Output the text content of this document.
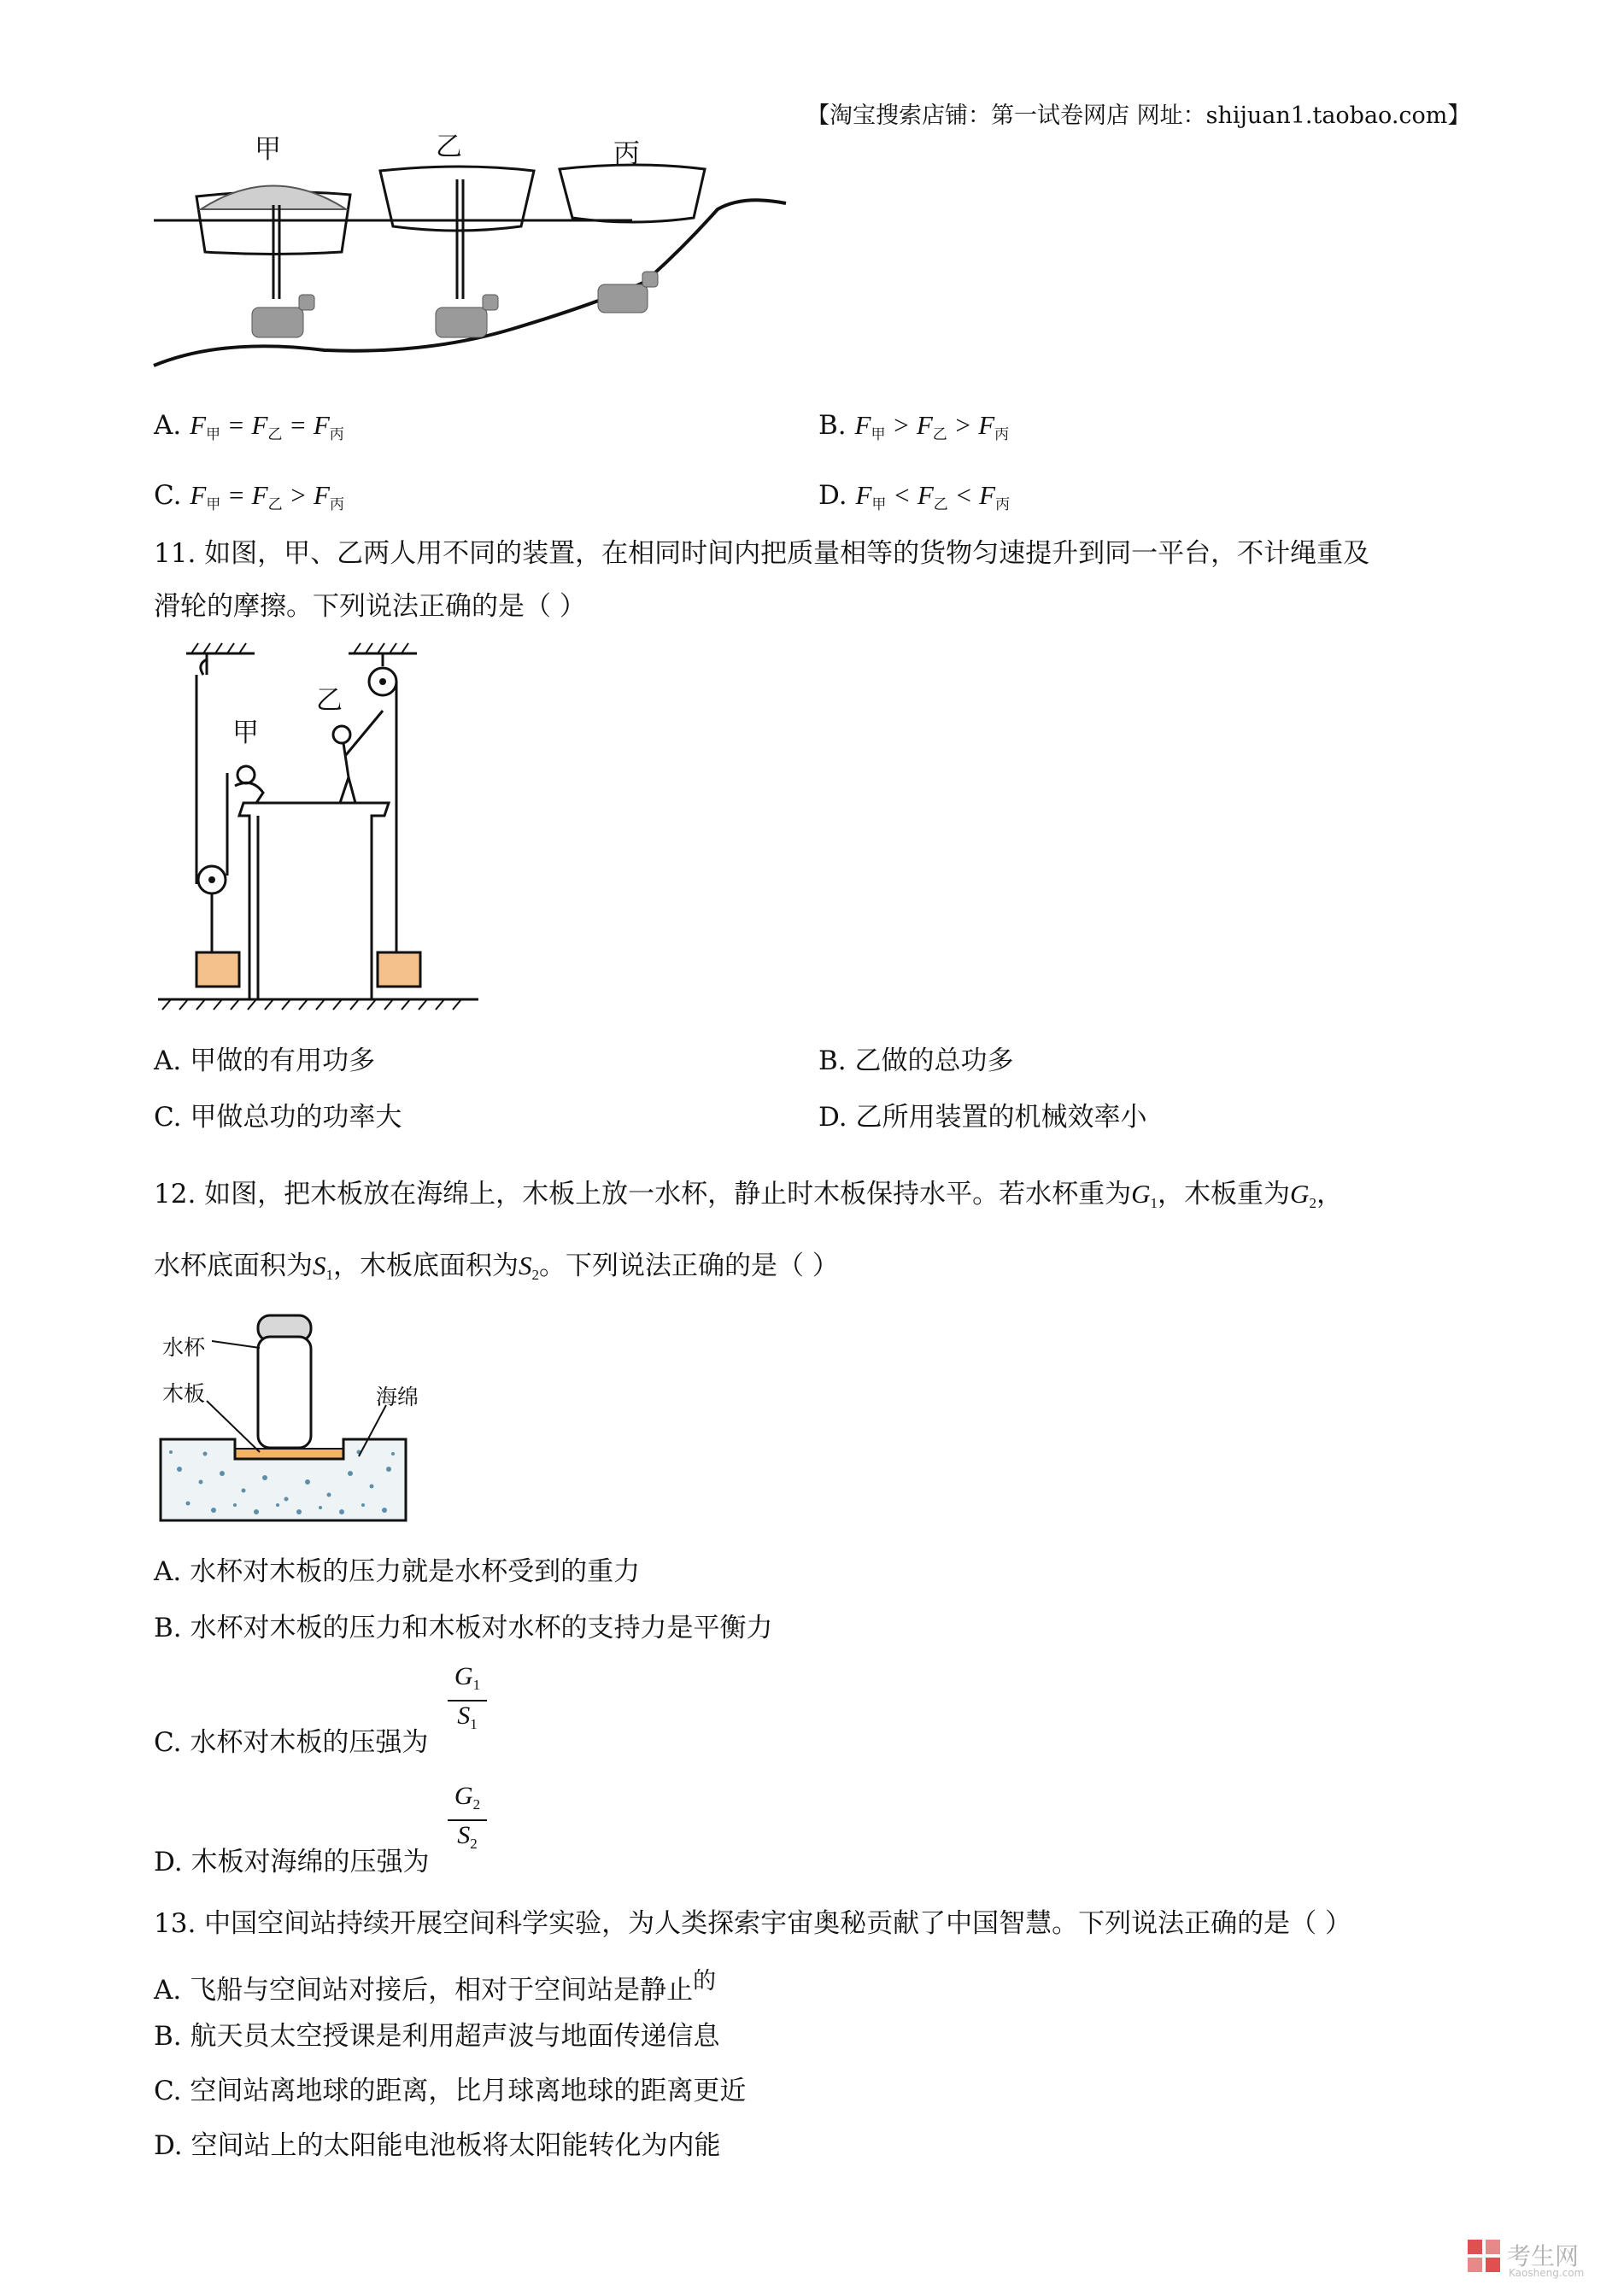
【淘宝搜索店铺：第一试卷网店 网址：shijuan1.taobao.com】
甲	乙	丙
A. $F_甲 = F_乙 = F_丙$	B. $F_甲 > F_乙 > F_丙$
C. $F_甲 = F_乙 > F_丙$	D. $F_甲 < F_乙 < F_丙$
11. 如图，甲、乙两人用不同的装置，在相同时间内把质量相等的货物匀速提升到同一平台，不计绳重及
滑轮的摩擦。下列说法正确的是（ ）
甲
乙
A. 甲做的有用功多	B. 乙做的总功多
C. 甲做总功的功率大	D. 乙所用装置的机械效率小
12. 如图，把木板放在海绵上，木板上放一水杯，静止时木板保持水平。若水杯重为$G_1$，木板重为$G_2$，
水杯底面积为$S_1$，木板底面积为$S_2$。下列说法正确的是（ ）
水杯
木板	海绵
A. 水杯对木板的压力就是水杯受到的重力
B. 水杯对木板的压力和木板对水杯的支持力是平衡力
C. 水杯对木板的压强为
$\frac{G_1}{S_1}$
D. 木板对海绵的压强为
$\frac{G_2}{S_2}$
13. 中国空间站持续开展空间科学实验，为人类探索宇宙奥秘贡献了中国智慧。下列说法正确的是（ ）
A. 飞船与空间站对接后，相对于空间站是静止的
B. 航天员太空授课是利用超声波与地面传递信息
C. 空间站离地球的距离，比月球离地球的距离更近
D. 空间站上的太阳能电池板将太阳能转化为内能
考生网
Kaosheng.com
